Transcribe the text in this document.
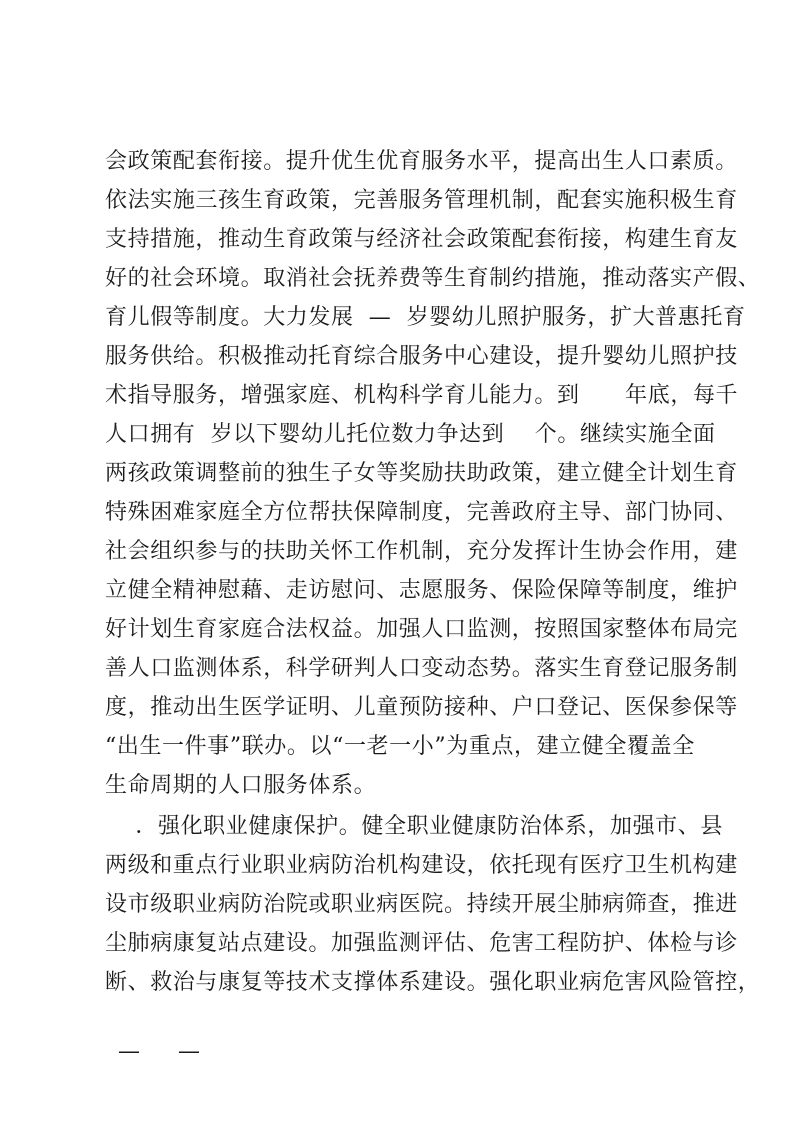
会政策配套衔接。提升优生优育服务水平，提高出生人口素质。
依法实施三孩生育政策，完善服务管理机制，配套实施积极生育
支持措施，推动生育政策与经济社会政策配套衔接，构建生育友
好的社会环境。取消社会抚养费等生育制约措施，推动落实产假、
育儿假等制度。大力发展  —  岁婴幼儿照护服务，扩大普惠托育
服务供给。积极推动托育综合服务中心建设，提升婴幼儿照护技
术指导服务，增强家庭、机构科学育儿能力。到      年底，每千
人口拥有  岁以下婴幼儿托位数力争达到    个。继续实施全面
两孩政策调整前的独生子女等奖励扶助政策，建立健全计划生育
特殊困难家庭全方位帮扶保障制度，完善政府主导、部门协同、
社会组织参与的扶助关怀工作机制，充分发挥计生协会作用，建
立健全精神慰藉、走访慰问、志愿服务、保险保障等制度，维护
好计划生育家庭合法权益。加强人口监测，按照国家整体布局完
善人口监测体系，科学研判人口变动态势。落实生育登记服务制
度，推动出生医学证明、儿童预防接种、户口登记、医保参保等
“出生一件事”联办。以“一老一小”为重点，建立健全覆盖全
生命周期的人口服务体系。
．强化职业健康保护。健全职业健康防治体系，加强市、县
两级和重点行业职业病防治机构建设，依托现有医疗卫生机构建
设市级职业病防治院或职业病医院。持续开展尘肺病筛查，推进
尘肺病康复站点建设。加强监测评估、危害工程防护、体检与诊
断、救治与康复等技术支撑体系建设。强化职业病危害风险管控，
—    —
